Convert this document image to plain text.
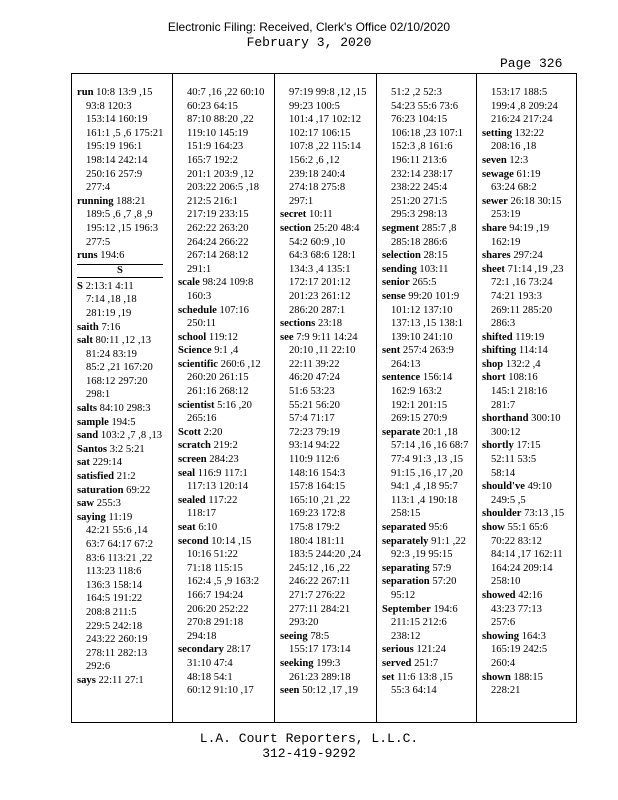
Electronic Filing: Received, Clerk's Office 02/10/2020
February 3, 2020
Page 326
run 10:8 13:9 ,15
93:8 120:3
153:14 160:19
161:1 ,5 ,6 175:21
195:19 196:1
198:14 242:14
250:16 257:9
277:4
running 188:21
189:5 ,6 ,7 ,8 ,9
195:12 ,15 196:3
277:5
runs 194:6
S
S 2:13:1 4:11
7:14 ,18 ,18
281:19 ,19
saith 7:16
salt 80:11 ,12 ,13
81:24 83:19
85:2 ,21 167:20
168:12 297:20
298:1
salts 84:10 298:3
sample 194:5
sand 103:2 ,7 ,8 ,13
Santos 3:2 5:21
sat 229:14
satisfied 21:2
saturation 69:22
saw 255:3
saying 11:19
42:21 55:6 ,14
63:7 64:17 67:2
83:6 113:21 ,22
113:23 118:6
136:3 158:14
164:5 191:22
208:8 211:5
229:5 242:18
243:22 260:19
278:11 282:13
292:6
says 22:11 27:1
40:7 ,16 ,22 60:10
60:23 64:15
87:10 88:20 ,22
119:10 145:19
151:9 164:23
165:7 192:2
201:1 203:9 ,12
203:22 206:5 ,18
212:5 216:1
217:19 233:15
262:22 263:20
264:24 266:22
267:14 268:12
291:1
scale 98:24 109:8
160:3
schedule 107:16
250:11
school 119:12
Science 9:1 ,4
scientific 260:6 ,12
260:20 261:15
261:16 268:12
scientist 5:16 ,20
265:16
Scott 2:20
scratch 219:2
screen 284:23
seal 116:9 117:1
117:13 120:14
sealed 117:22
118:17
seat 6:10
second 10:14 ,15
10:16 51:22
71:18 115:15
162:4 ,5 ,9 163:2
166:7 194:24
206:20 252:22
270:8 291:18
294:18
secondary 28:17
31:10 47:4
48:18 54:1
60:12 91:10 ,17
97:19 99:8 ,12 ,15
99:23 100:5
101:4 ,17 102:12
102:17 106:15
107:8 ,22 115:14
156:2 ,6 ,12
239:18 240:4
274:18 275:8
297:1
secret 10:11
section 25:20 48:4
54:2 60:9 ,10
64:3 68:6 128:1
134:3 ,4 135:1
172:17 201:12
201:23 261:12
286:20 287:1
sections 23:18
see 7:9 9:11 14:24
20:10 ,11 22:10
22:11 39:22
46:20 47:24
51:6 53:23
55:21 56:20
57:4 71:17
72:23 79:19
93:14 94:22
110:9 112:6
148:16 154:3
157:8 164:15
165:10 ,21 ,22
169:23 172:8
175:8 179:2
180:4 181:11
183:5 244:20 ,24
245:12 ,16 ,22
246:22 267:11
271:7 276:22
277:11 284:21
293:20
seeing 78:5
155:17 173:14
seeking 199:3
261:23 289:18
seen 50:12 ,17 ,19
51:2 ,2 52:3
54:23 55:6 73:6
76:23 104:15
106:18 ,23 107:1
152:3 ,8 161:6
196:11 213:6
232:14 238:17
238:22 245:4
251:20 271:5
295:3 298:13
segment 285:7 ,8
285:18 286:6
selection 28:15
sending 103:11
senior 265:5
sense 99:20 101:9
101:12 137:10
137:13 ,15 138:1
139:10 241:10
sent 257:4 263:9
264:13
sentence 156:14
162:9 163:2
192:1 201:15
269:15 270:9
separate 20:1 ,18
57:14 ,16 ,16 68:7
77:4 91:3 ,13 ,15
91:15 ,16 ,17 ,20
94:1 ,4 ,18 95:7
113:1 ,4 190:18
258:15
separated 95:6
separately 91:1 ,22
92:3 ,19 95:15
separating 57:9
separation 57:20
95:12
September 194:6
211:15 212:6
238:12
serious 121:24
served 251:7
set 11:6 13:8 ,15
55:3 64:14
153:17 188:5
199:4 ,8 209:24
216:24 217:24
setting 132:22
208:16 ,18
seven 12:3
sewage 61:19
63:24 68:2
sewer 26:18 30:15
253:19
share 94:19 ,19
162:19
shares 297:24
sheet 71:14 ,19 ,23
72:1 ,16 73:24
74:21 193:3
269:11 285:20
286:3
shifted 119:19
shifting 114:14
shop 132:2 ,4
short 108:16
145:1 218:16
281:7
shorthand 300:10
300:12
shortly 17:15
52:11 53:5
58:14
should've 49:10
249:5 ,5
shoulder 73:13 ,15
show 55:1 65:6
70:22 83:12
84:14 ,17 162:11
164:24 209:14
258:10
showed 42:16
43:23 77:13
257:6
showing 164:3
165:19 242:5
260:4
shown 188:15
228:21
L.A. Court Reporters, L.L.C.
312-419-9292
